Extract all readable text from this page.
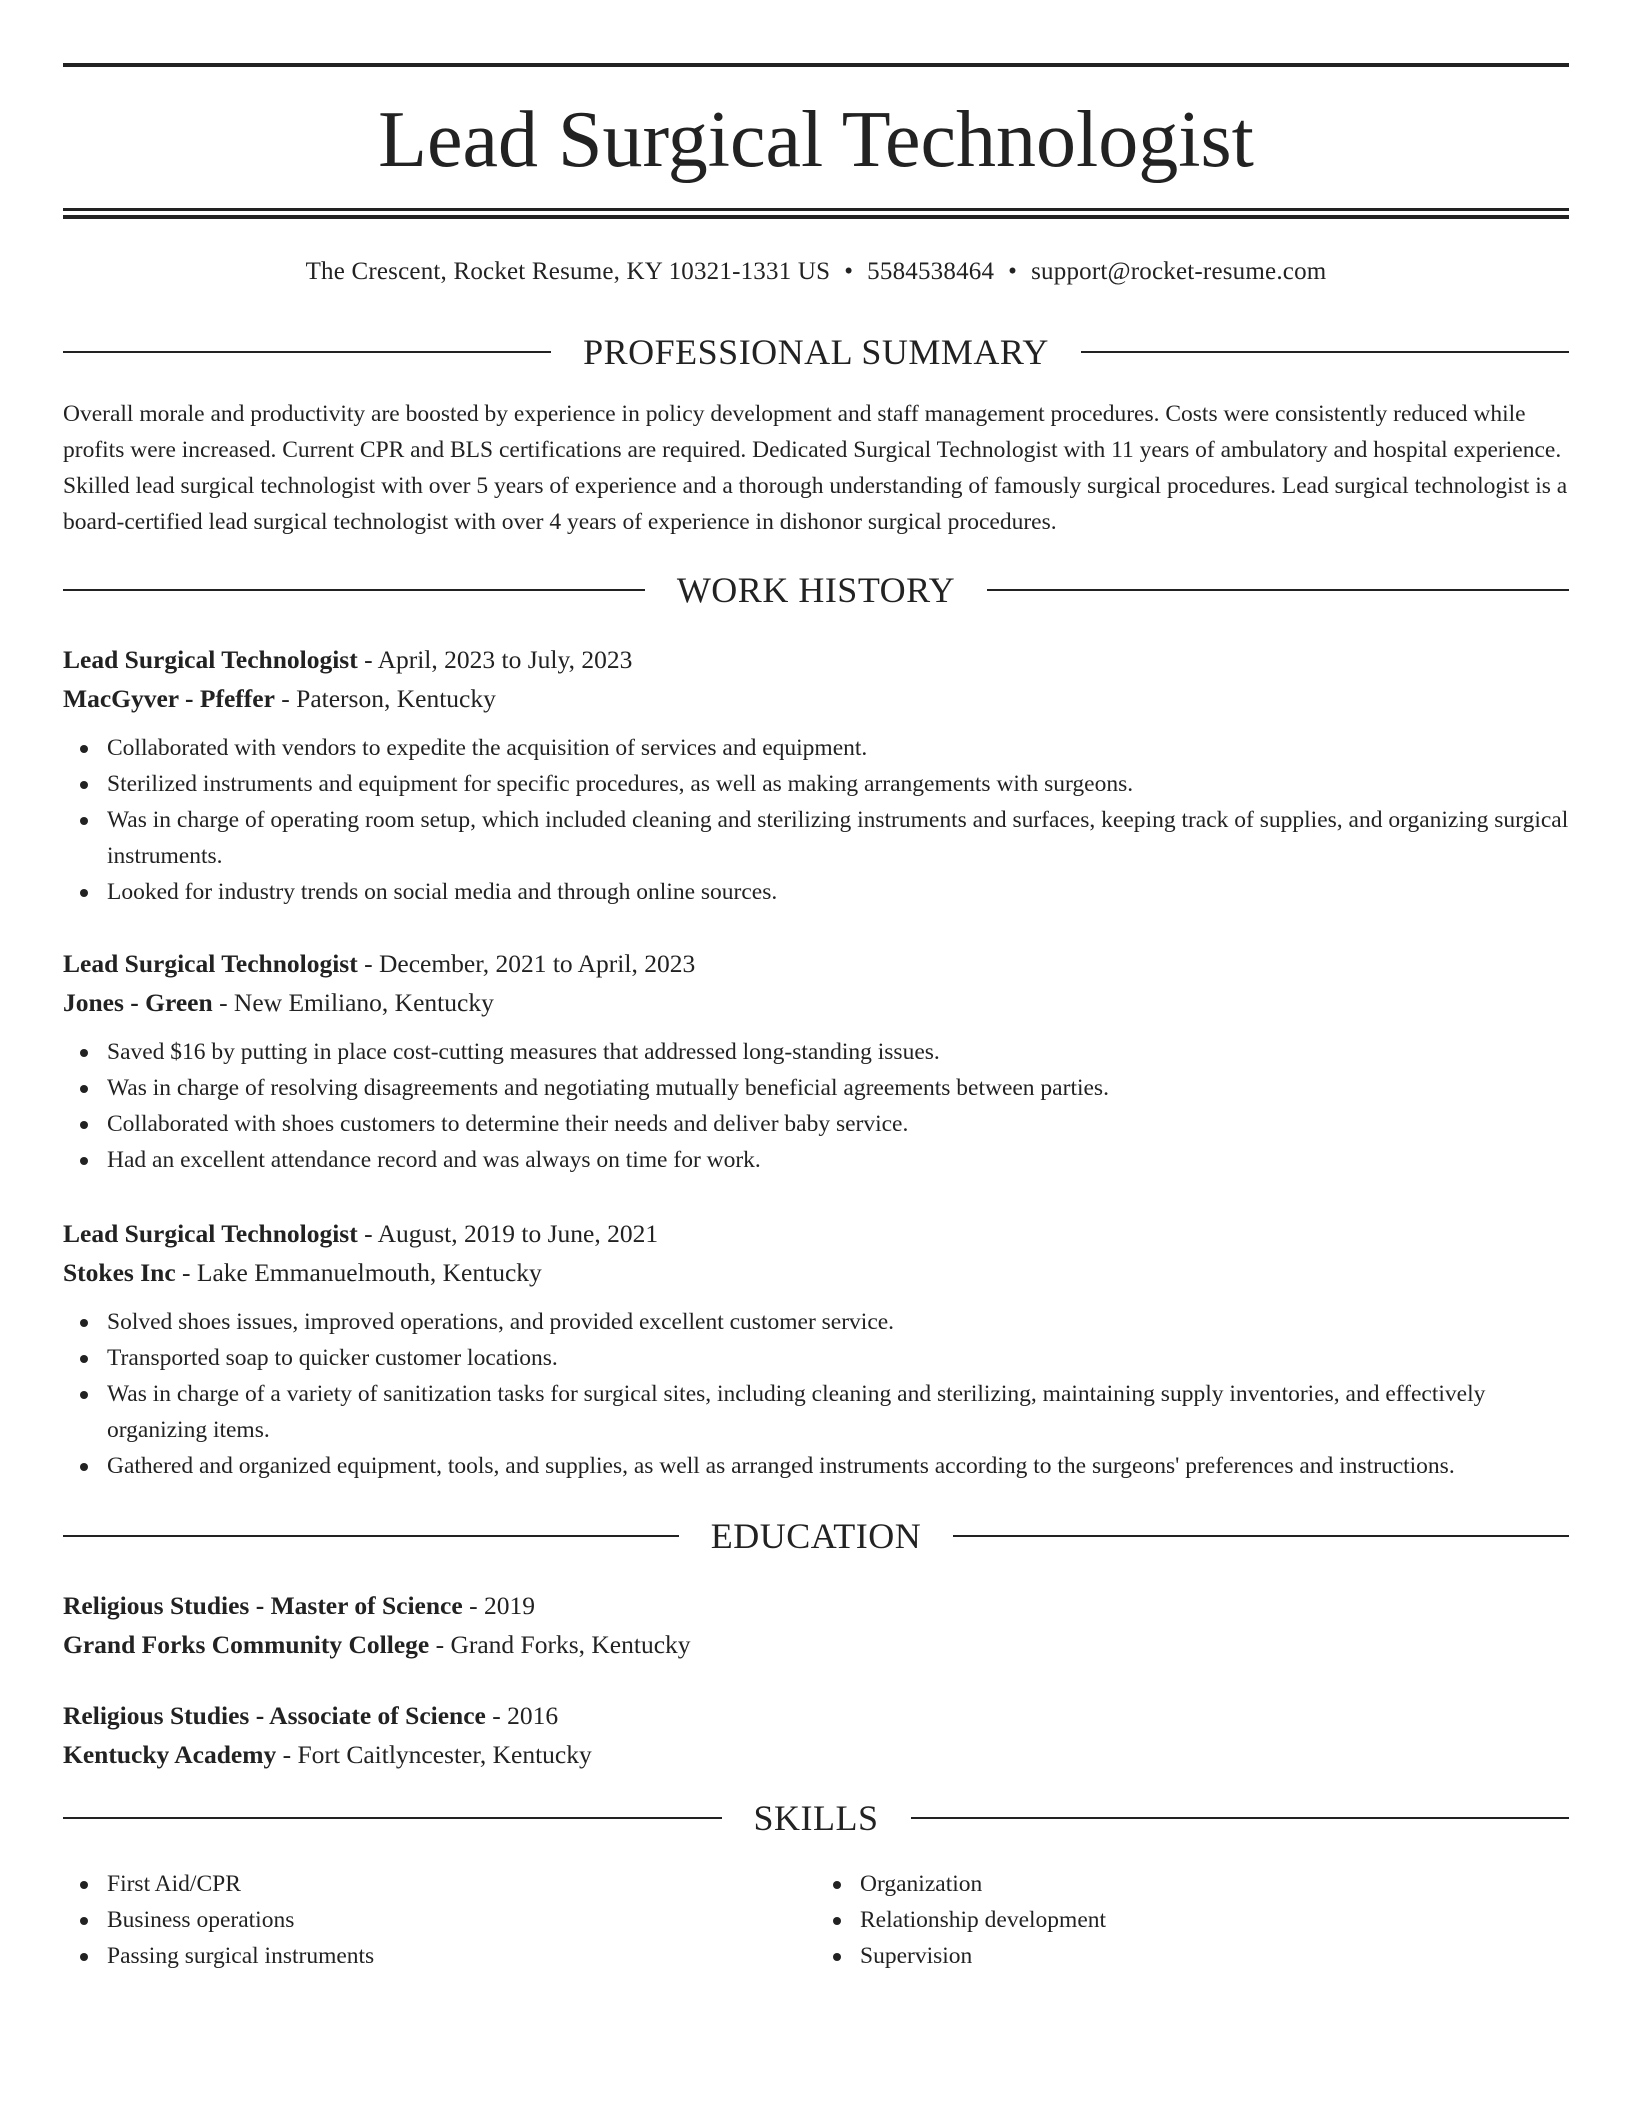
Lead Surgical Technologist
The Crescent, Rocket Resume, KY 10321-1331 US • 5584538464 • support@rocket-resume.com
PROFESSIONAL SUMMARY

Overall morale and productivity are boosted by experience in policy development and staff management procedures. Costs were consistently reduced while profits were increased. Current CPR and BLS certifications are required. Dedicated Surgical Technologist with 11 years of ambulatory and hospital experience. Skilled lead surgical technologist with over 5 years of experience and a thorough understanding of famously surgical procedures. Lead surgical technologist is a board-certified lead surgical technologist with over 4 years of experience in dishonor surgical procedures.

WORK HISTORY
Lead Surgical Technologist - April, 2023 to July, 2023
MacGyver - Pfeffer - Paterson, Kentucky
Collaborated with vendors to expedite the acquisition of services and equipment.
Sterilized instruments and equipment for specific procedures, as well as making arrangements with surgeons.
Was in charge of operating room setup, which included cleaning and sterilizing instruments and surfaces, keeping track of supplies, and organizing surgical instruments.
Looked for industry trends on social media and through online sources.
Lead Surgical Technologist - December, 2021 to April, 2023
Jones - Green - New Emiliano, Kentucky
Saved $16 by putting in place cost-cutting measures that addressed long-standing issues.
Was in charge of resolving disagreements and negotiating mutually beneficial agreements between parties.
Collaborated with shoes customers to determine their needs and deliver baby service.
Had an excellent attendance record and was always on time for work.
Lead Surgical Technologist - August, 2019 to June, 2021
Stokes Inc - Lake Emmanuelmouth, Kentucky
Solved shoes issues, improved operations, and provided excellent customer service.
Transported soap to quicker customer locations.
Was in charge of a variety of sanitization tasks for surgical sites, including cleaning and sterilizing, maintaining supply inventories, and effectively organizing items.
Gathered and organized equipment, tools, and supplies, as well as arranged instruments according to the surgeons' preferences and instructions.
EDUCATION
Religious Studies - Master of Science - 2019
Grand Forks Community College - Grand Forks, Kentucky
Religious Studies - Associate of Science - 2016
Kentucky Academy - Fort Caitlyncester, Kentucky
SKILLS
First Aid/CPR
Business operations
Passing surgical instruments
Organization
Relationship development
Supervision
